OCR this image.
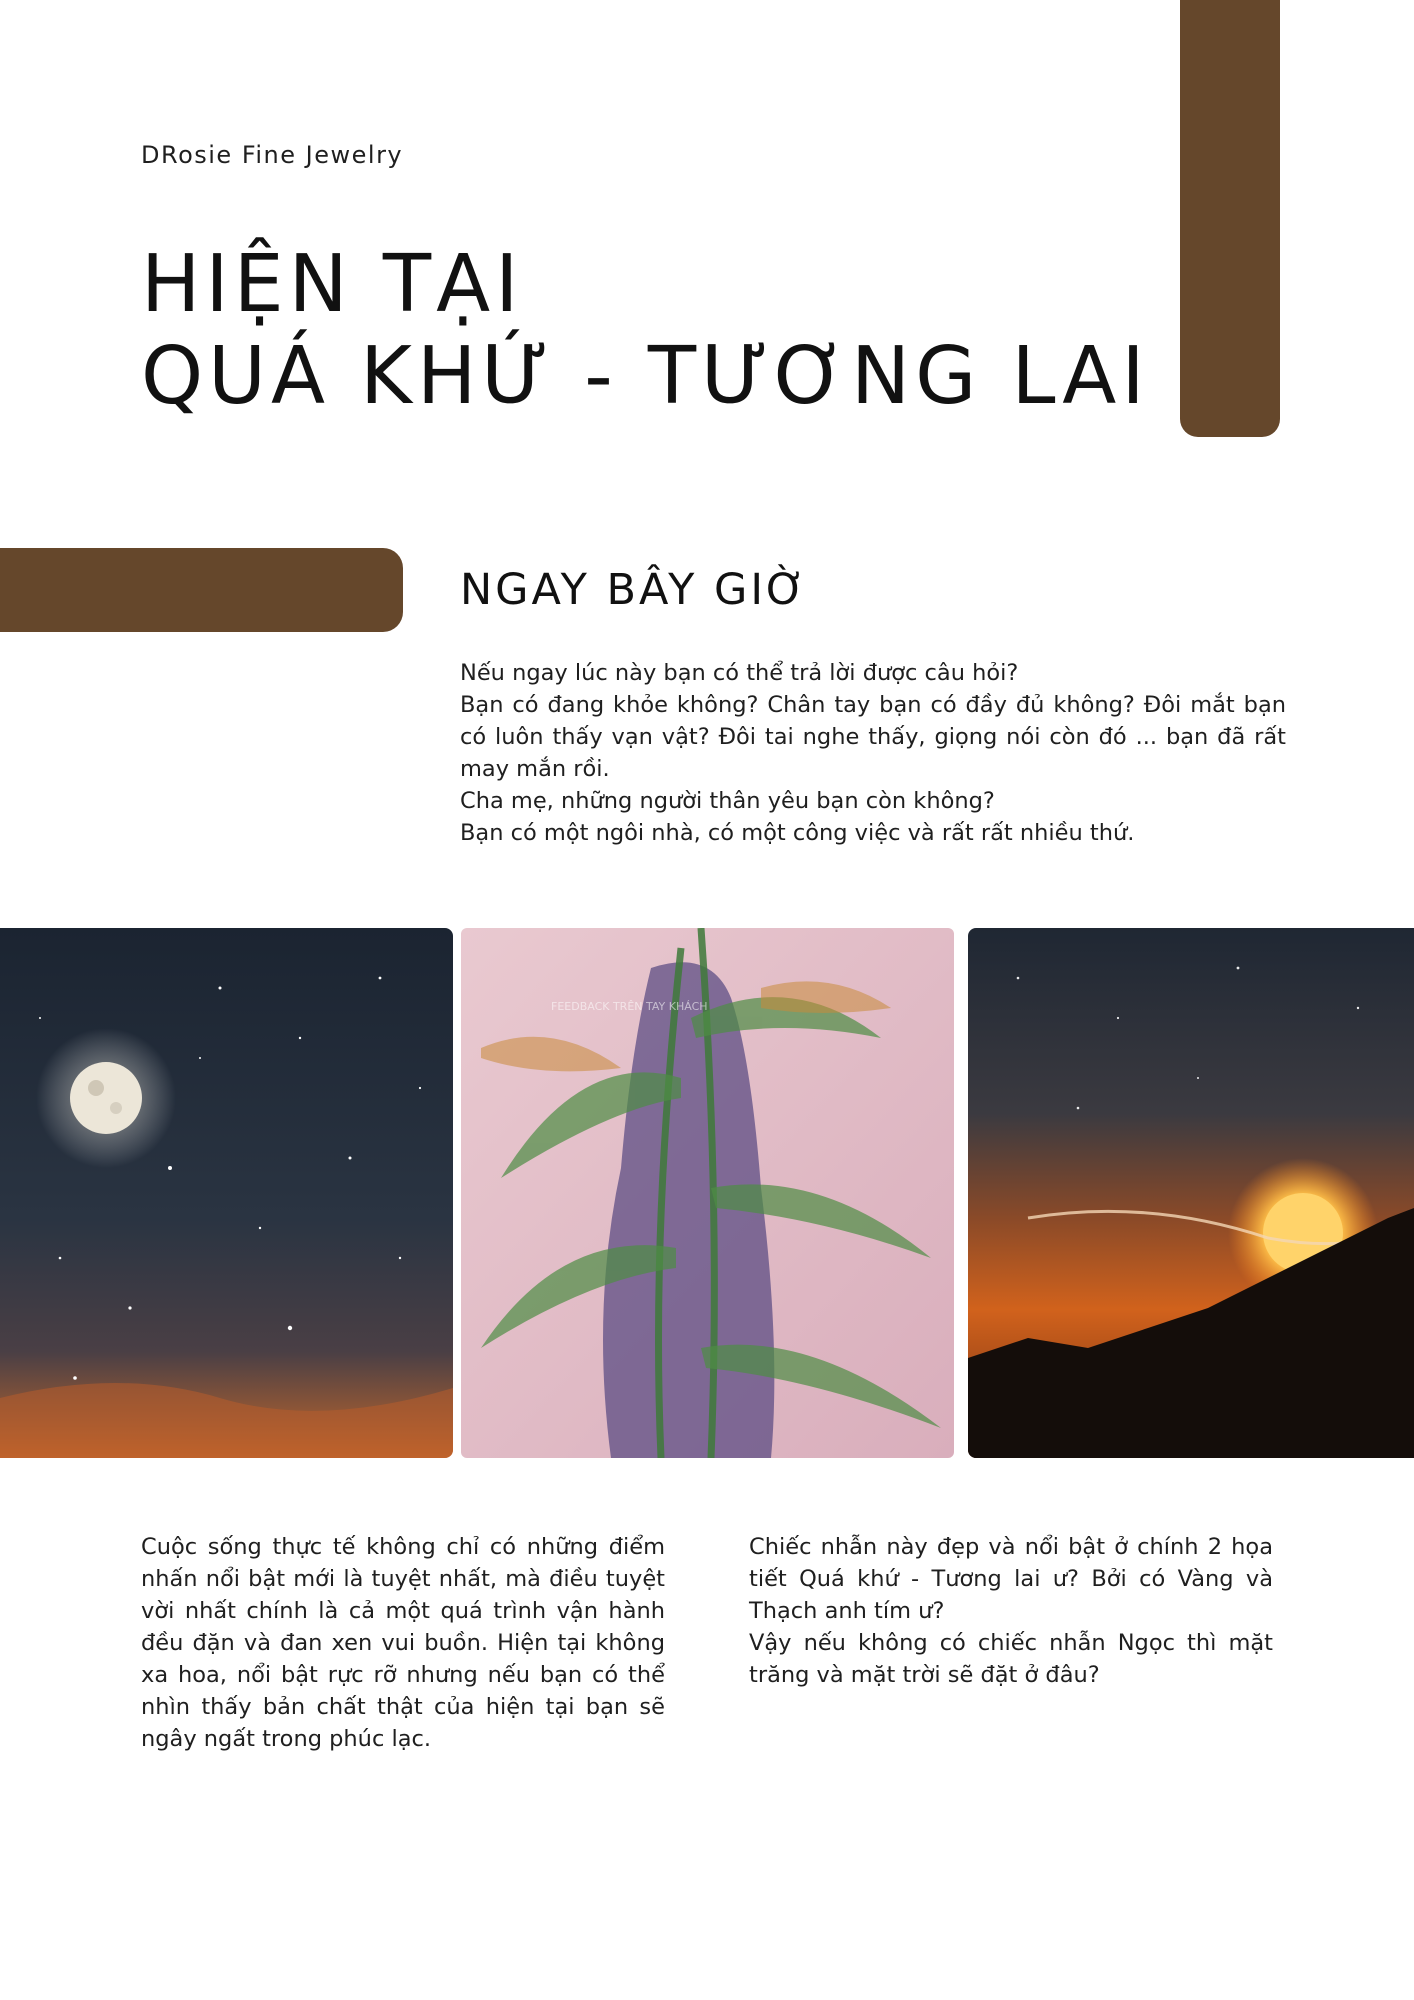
DRosie Fine Jewelry
HIỆN TẠI
QUÁ KHỨ - TƯƠNG LAI
NGAY BÂY GIỜ

Nếu ngay lúc này bạn có thể trả lời được câu hỏi?

Bạn có đang khỏe không? Chân tay bạn có đầy đủ không? Đôi mắt bạn có luôn thấy vạn vật? Đôi tai nghe thấy, giọng nói còn đó ... bạn đã rất may mắn rồi.

Cha mẹ, những người thân yêu bạn còn không?

Bạn có một ngôi nhà, có một công việc và rất rất nhiều thứ.

FEEDBACK TRÊN TAY KHÁCH

Cuộc sống thực tế không chỉ có những điểm nhấn nổi bật mới là tuyệt nhất, mà điều tuyệt vời nhất chính là cả một quá trình vận hành đều đặn và đan xen vui buồn. Hiện tại không xa hoa, nổi bật rực rỡ nhưng nếu bạn có thể nhìn thấy bản chất thật của hiện tại bạn sẽ ngây ngất trong phúc lạc.

Chiếc nhẫn này đẹp và nổi bật ở chính 2 họa tiết Quá khứ - Tương lai ư? Bởi có Vàng và Thạch anh tím ư?

Vậy nếu không có chiếc nhẫn Ngọc thì mặt trăng và mặt trời sẽ đặt ở đâu?
